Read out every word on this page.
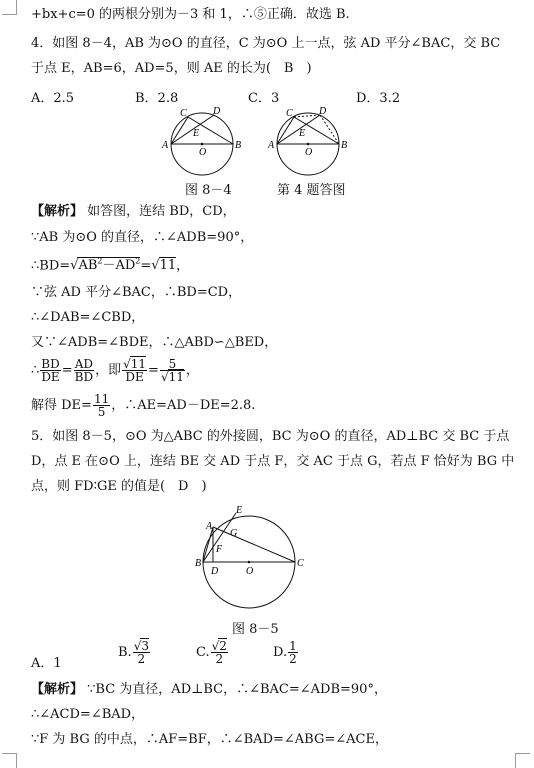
+bx+c=0 的两根分别为－3 和 1，∴⑤正确．故选 B.
4．如图 8－4，AB 为⊙O 的直径，C 为⊙O 上一点，弦 AD 平分∠BAC，交 BC
于点 E，AB=6，AD=5，则 AE 的长为(　B　)
A．2.5	B．2.8	C．3	D．3.2
A	B
C	D
E
O
A	B
C	D
E
O
图 8－4	第 4 题答图
【解析】 如答图，连结 BD，CD，
∵AB 为⊙O 的直径，∴∠ADB=90°，
$\therefore BD=√AB^2-AD^2=√11$，
∵弦 AD 平分∠BAC，∴BD=CD，
∴∠DAB=∠CBD，
又∵∠ADB=∠BDE，∴△ABD∽△BED，
∴ $\frac{BD}{DE} = \frac{AD}{BD}$ ，即 $\frac{√11}{DE} = \frac{5}{√11}$ ，
解得 $DE= \frac{11}{5}$ ，∴AE=AD－DE=2.8.
5．如图 8－5，⊙O 为△ABC 的外接圆，BC 为⊙O 的直径，AD⊥BC 交 BC 于点
D，点 E 在⊙O 上，连结 BE 交 AD 于点 F，交 AC 于点 G，若点 F 恰好为 BG 中
点，则 FD∶GE 的值是(　D　)
A
B	C
D
E
F
G
O
图 8－5
A．1
B. $\frac{√3}{2}$	C. $\frac{√2}{2}$	D. $\frac{1}{2}$
【解析】 ∵BC 为直径，AD⊥BC，∴∠BAC=∠ADB=90°，
∴∠ACD=∠BAD，
∵F 为 BG 的中点，∴AF=BF，∴∠BAD=∠ABG=∠ACE，
